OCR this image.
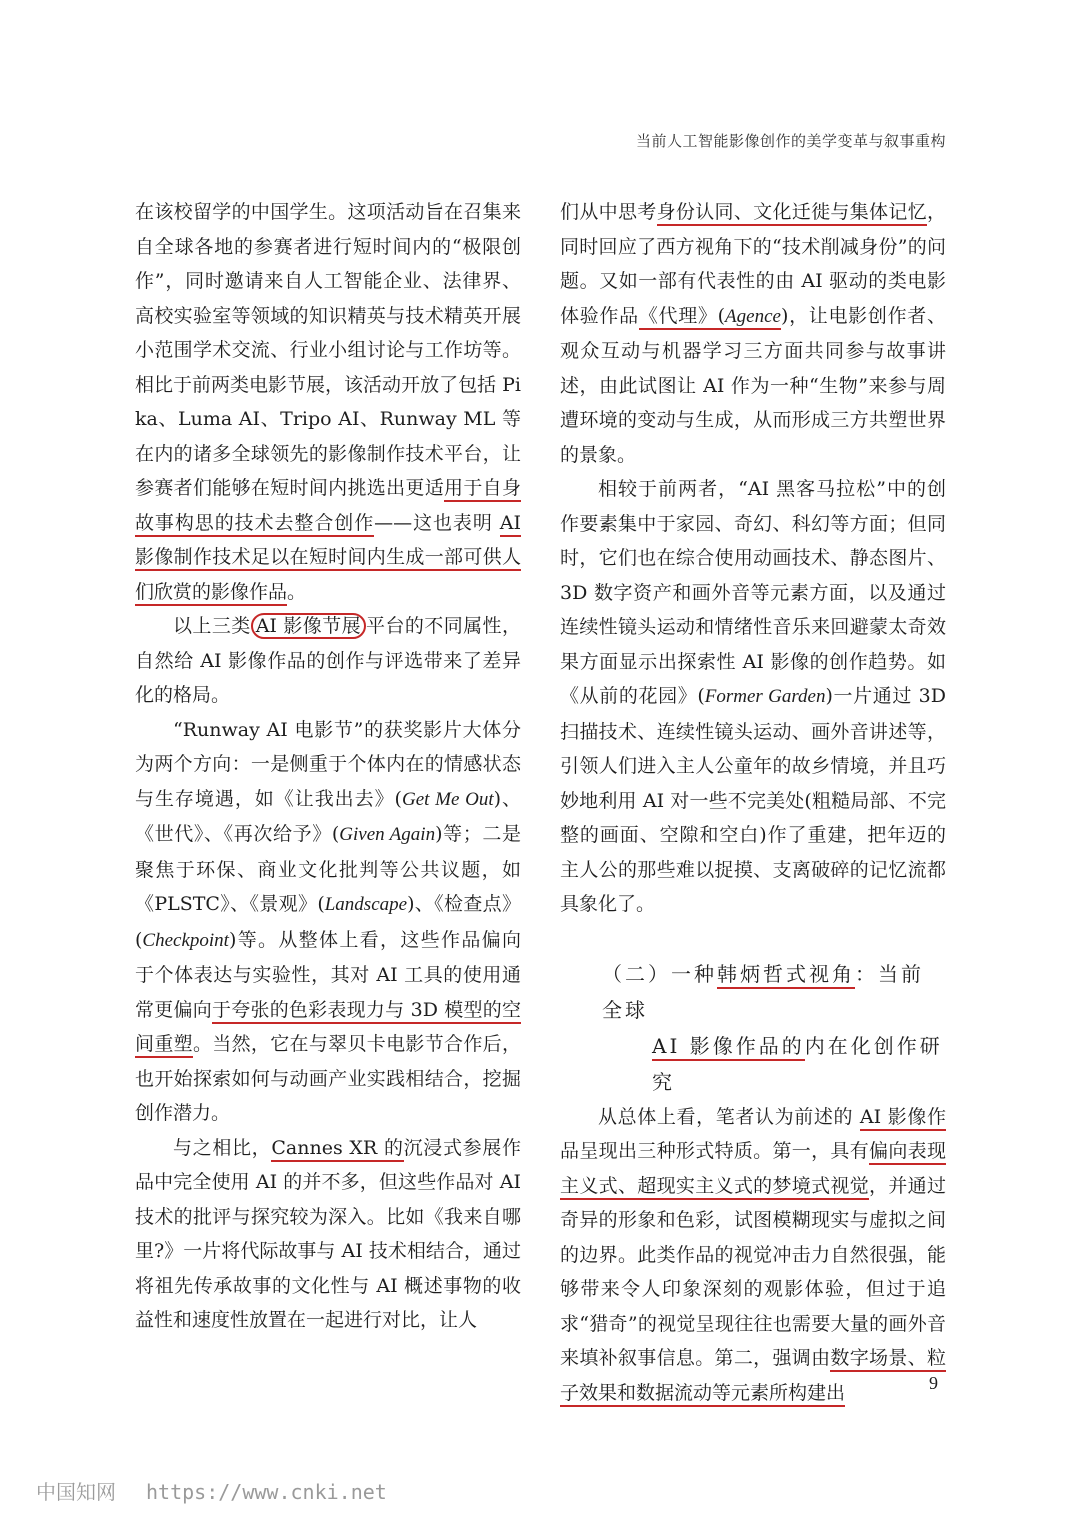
当前人工智能影像创作的美学变革与叙事重构

在该校留学的中国学生。这项活动旨在召集来自全球各地的参赛者进行短时间内的“极限创作”，同时邀请来自人工智能企业、法律界、高校实验室等领域的知识精英与技术精英开展小范围学术交流、行业小组讨论与工作坊等。相比于前两类电影节展，该活动开放了包括 Pika、Luma AI、Tripo AI、Runway ML 等在内的诸多全球领先的影像制作技术平台，让参赛者们能够在短时间内挑选出更适用于自身故事构思的技术去整合创作——这也表明 AI 影像制作技术足以在短时间内生成一部可供人们欣赏的影像作品。

以上三类 AI 影像节展 平台的不同属性，自然给 AI 影像作品的创作与评选带来了差异化的格局。

“Runway AI 电影节”的获奖影片大体分为两个方向：一是侧重于个体内在的情感状态与生存境遇，如《让我出去》(Get Me Out)、《世代》、《再次给予》(Given Again)等；二是聚焦于环保、商业文化批判等公共议题，如《PLSTC》、《景观》(Landscape)、《检查点》(Checkpoint)等。从整体上看，这些作品偏向于个体表达与实验性，其对 AI 工具的使用通常更偏向于夸张的色彩表现力与 3D 模型的空间重塑。当然，它在与翠贝卡电影节合作后，也开始探索如何与动画产业实践相结合，挖掘创作潜力。

与之相比，Cannes XR 的沉浸式参展作品中完全使用 AI 的并不多，但这些作品对 AI 技术的批评与探究较为深入。比如《我来自哪里?》一片将代际故事与 AI 技术相结合，通过将祖先传承故事的文化性与 AI 概述事物的收益性和速度性放置在一起进行对比，让人

们从中思考身份认同、文化迁徙与集体记忆，同时回应了西方视角下的“技术削减身份”的问题。又如一部有代表性的由 AI 驱动的类电影体验作品《代理》(Agence)，让电影创作者、观众互动与机器学习三方面共同参与故事讲述，由此试图让 AI 作为一种“生物”来参与周遭环境的变动与生成，从而形成三方共塑世界的景象。

相较于前两者，“AI 黑客马拉松”中的创作要素集中于家园、奇幻、科幻等方面；但同时，它们也在综合使用动画技术、静态图片、3D 数字资产和画外音等元素方面，以及通过连续性镜头运动和情绪性音乐来回避蒙太奇效果方面显示出探索性 AI 影像的创作趋势。如《从前的花园》(Former Garden)一片通过 3D 扫描技术、连续性镜头运动、画外音讲述等，引领人们进入主人公童年的故乡情境，并且巧妙地利用 AI 对一些不完美处(粗糙局部、不完整的画面、空隙和空白)作了重建，把年迈的主人公的那些难以捉摸、支离破碎的记忆流都具象化了。

（二）一种韩炳哲式视角：当前全球
AI 影像作品的内在化创作研究

从总体上看，笔者认为前述的 AI 影像作品呈现出三种形式特质。第一，具有偏向表现主义式、超现实主义式的梦境式视觉，并通过奇异的形象和色彩，试图模糊现实与虚拟之间的边界。此类作品的视觉冲击力自然很强，能够带来令人印象深刻的观影体验，但过于追求“猎奇”的视觉呈现往往也需要大量的画外音来填补叙事信息。第二，强调由数字场景、粒子效果和数据流动等元素所构建出	9
中国知网 https://www.cnki.net
